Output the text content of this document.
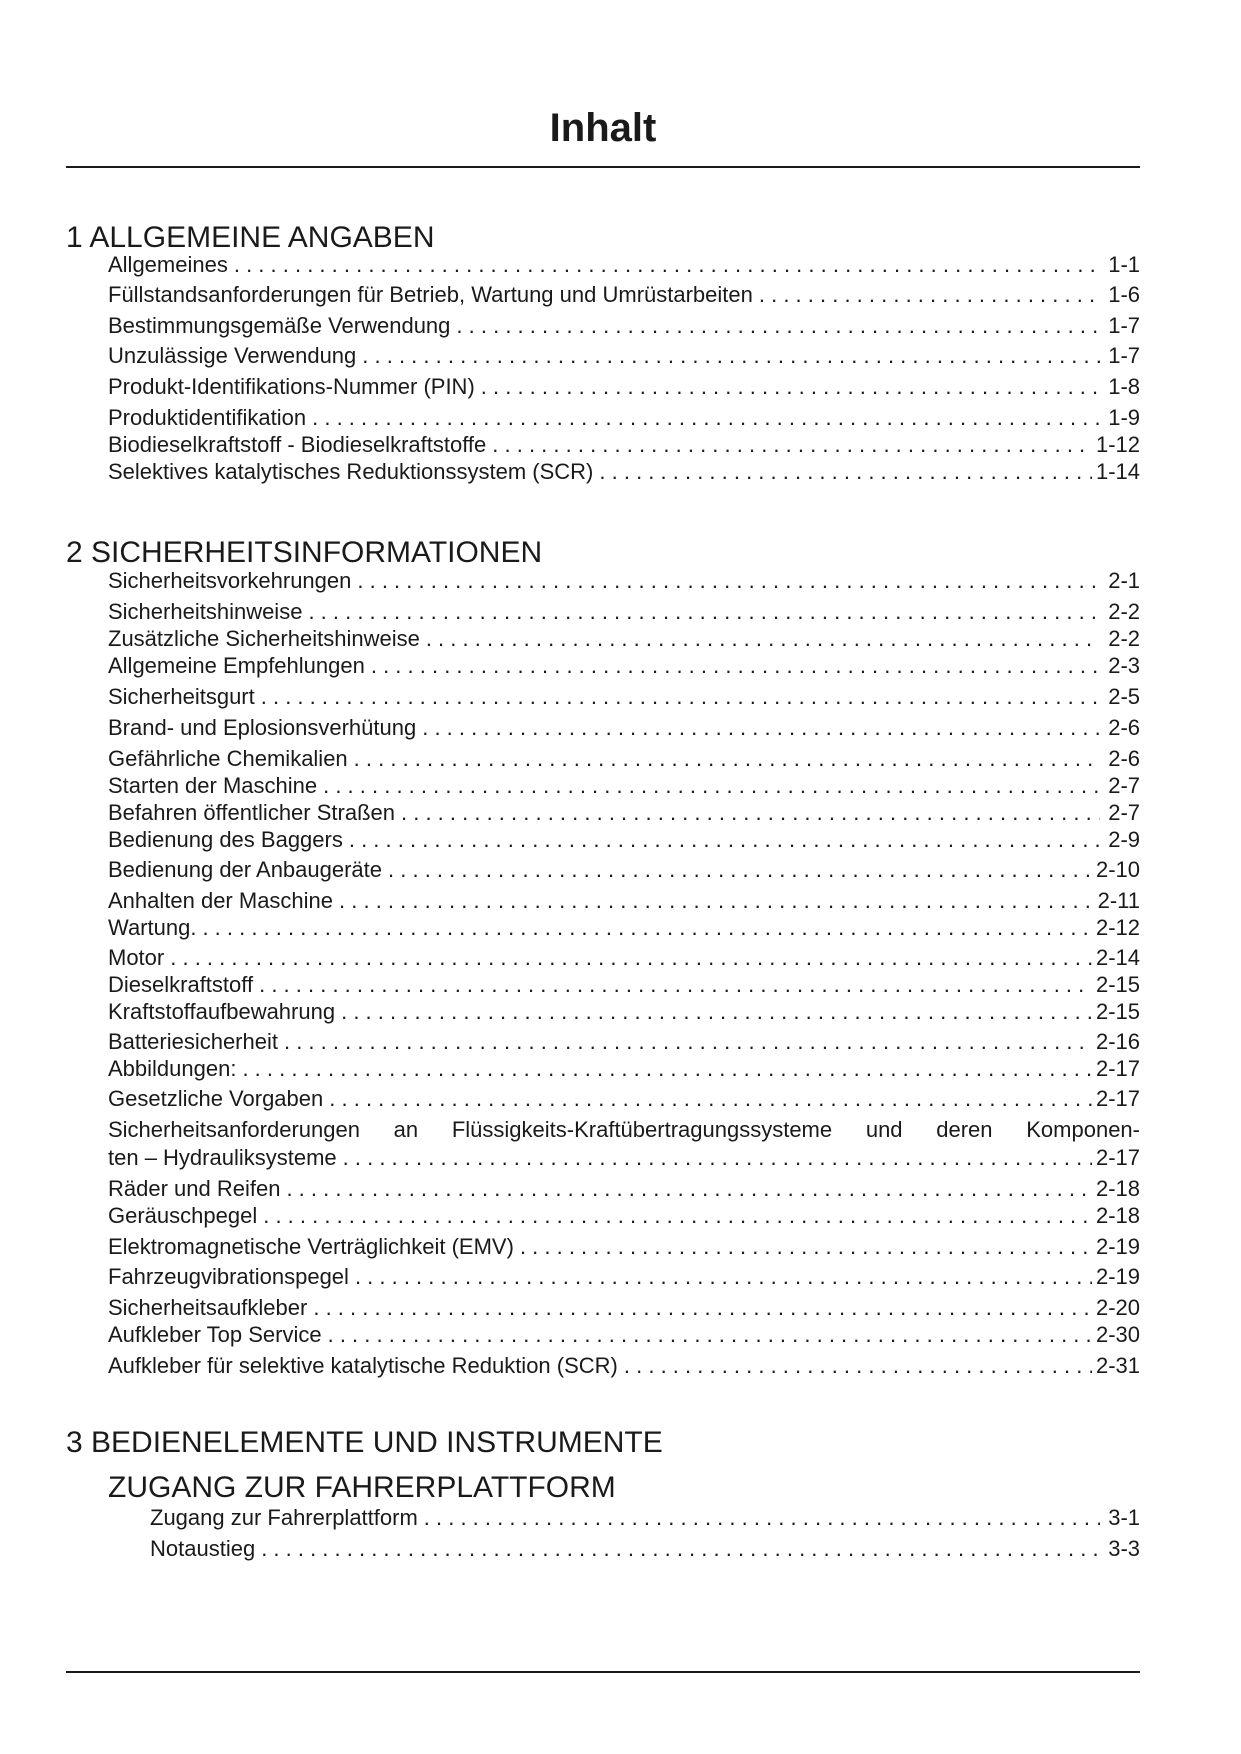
Inhalt
1 ALLGEMEINE ANGABEN
Allgemeines . . .	1-1
Füllstandsanforderungen für Betrieb, Wartung und Umrüstarbeiten . . .	1-6
Bestimmungsgemäße Verwendung . . .	1-7
Unzulässige Verwendung . . .	1-7
Produkt-Identifikations-Nummer (PIN) . . .	1-8
Produktidentifikation . . .	1-9
Biodieselkraftstoff - Biodieselkraftstoffe . . .	1-12
Selektives katalytisches Reduktionssystem (SCR) . . .	1-14
2 SICHERHEITSINFORMATIONEN
Sicherheitsvorkehrungen . . .	2-1
Sicherheitshinweise . . .	2-2
Zusätzliche Sicherheitshinweise . . .	2-2
Allgemeine Empfehlungen . . .	2-3
Sicherheitsgurt . . .	2-5
Brand- und Eplosionsverhütung . . .	2-6
Gefährliche Chemikalien . . .	2-6
Starten der Maschine . . .	2-7
Befahren öffentlicher Straßen . . .	2-7
Bedienung des Baggers . . .	2-9
Bedienung der Anbaugeräte . . .	2-10
Anhalten der Maschine . . .	2-11
Wartung. . . .	2-12
Motor . . .	2-14
Dieselkraftstoff . . .	2-15
Kraftstoffaufbewahrung . . .	2-15
Batteriesicherheit . . .	2-16
Abbildungen: . . .	2-17
Gesetzliche Vorgaben . . .	2-17
Sicherheitsanforderungen an Flüssigkeits-Kraftübertragungssysteme und deren Komponen-
ten – Hydrauliksysteme . . .	2-17
Räder und Reifen . . .	2-18
Geräuschpegel . . .	2-18
Elektromagnetische Verträglichkeit (EMV) . . .	2-19
Fahrzeugvibrationspegel . . .	2-19
Sicherheitsaufkleber . . .	2-20
Aufkleber Top Service . . .	2-30
Aufkleber für selektive katalytische Reduktion (SCR) . . .	2-31
3 BEDIENELEMENTE UND INSTRUMENTE
ZUGANG ZUR FAHRERPLATTFORM
Zugang zur Fahrerplattform . . .	3-1
Notaustieg . . .	3-3
